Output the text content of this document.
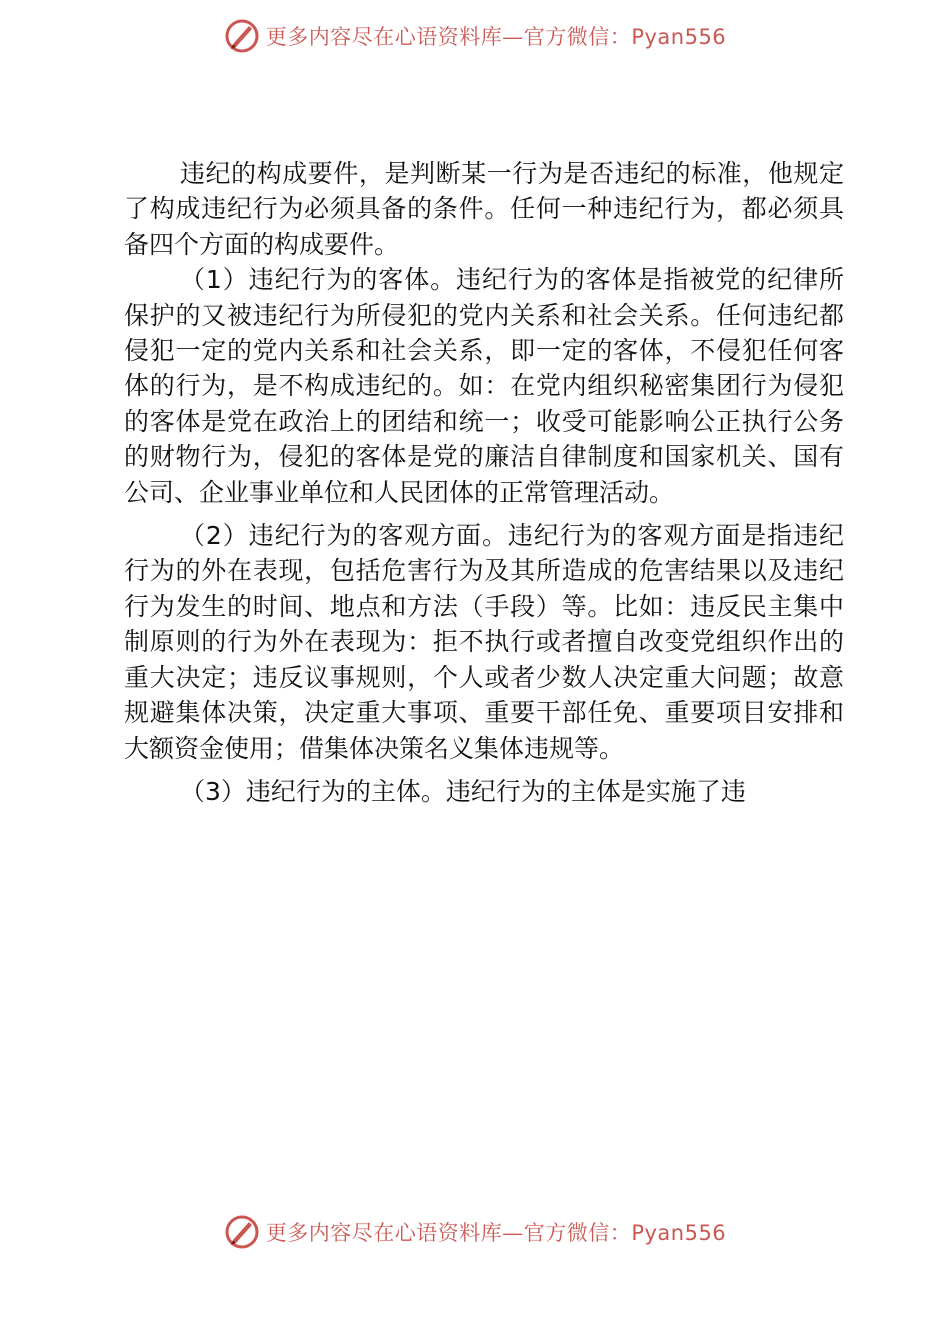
更多内容尽在心语资料库—官方微信：Pyan556

违纪的构成要件，是判断某一行为是否违纪的标准，他规定了构成违纪行为必须具备的条件。任何一种违纪行为，都必须具备四个方面的构成要件。

（1）违纪行为的客体。违纪行为的客体是指被党的纪律所保护的又被违纪行为所侵犯的党内关系和社会关系。任何违纪都侵犯一定的党内关系和社会关系，即一定的客体，不侵犯任何客体的行为，是不构成违纪的。如：在党内组织秘密集团行为侵犯的客体是党在政治上的团结和统一；收受可能影响公正执行公务的财物行为，侵犯的客体是党的廉洁自律制度和国家机关、国有公司、企业事业单位和人民团体的正常管理活动。

（2）违纪行为的客观方面。违纪行为的客观方面是指违纪行为的外在表现，包括危害行为及其所造成的危害结果以及违纪行为发生的时间、地点和方法（手段）等。比如：违反民主集中制原则的行为外在表现为：拒不执行或者擅自改变党组织作出的重大决定；违反议事规则，个人或者少数人决定重大问题；故意规避集体决策，决定重大事项、重要干部任免、重要项目安排和大额资金使用；借集体决策名义集体违规等。

（3）违纪行为的主体。违纪行为的主体是实施了违

更多内容尽在心语资料库—官方微信：Pyan556
